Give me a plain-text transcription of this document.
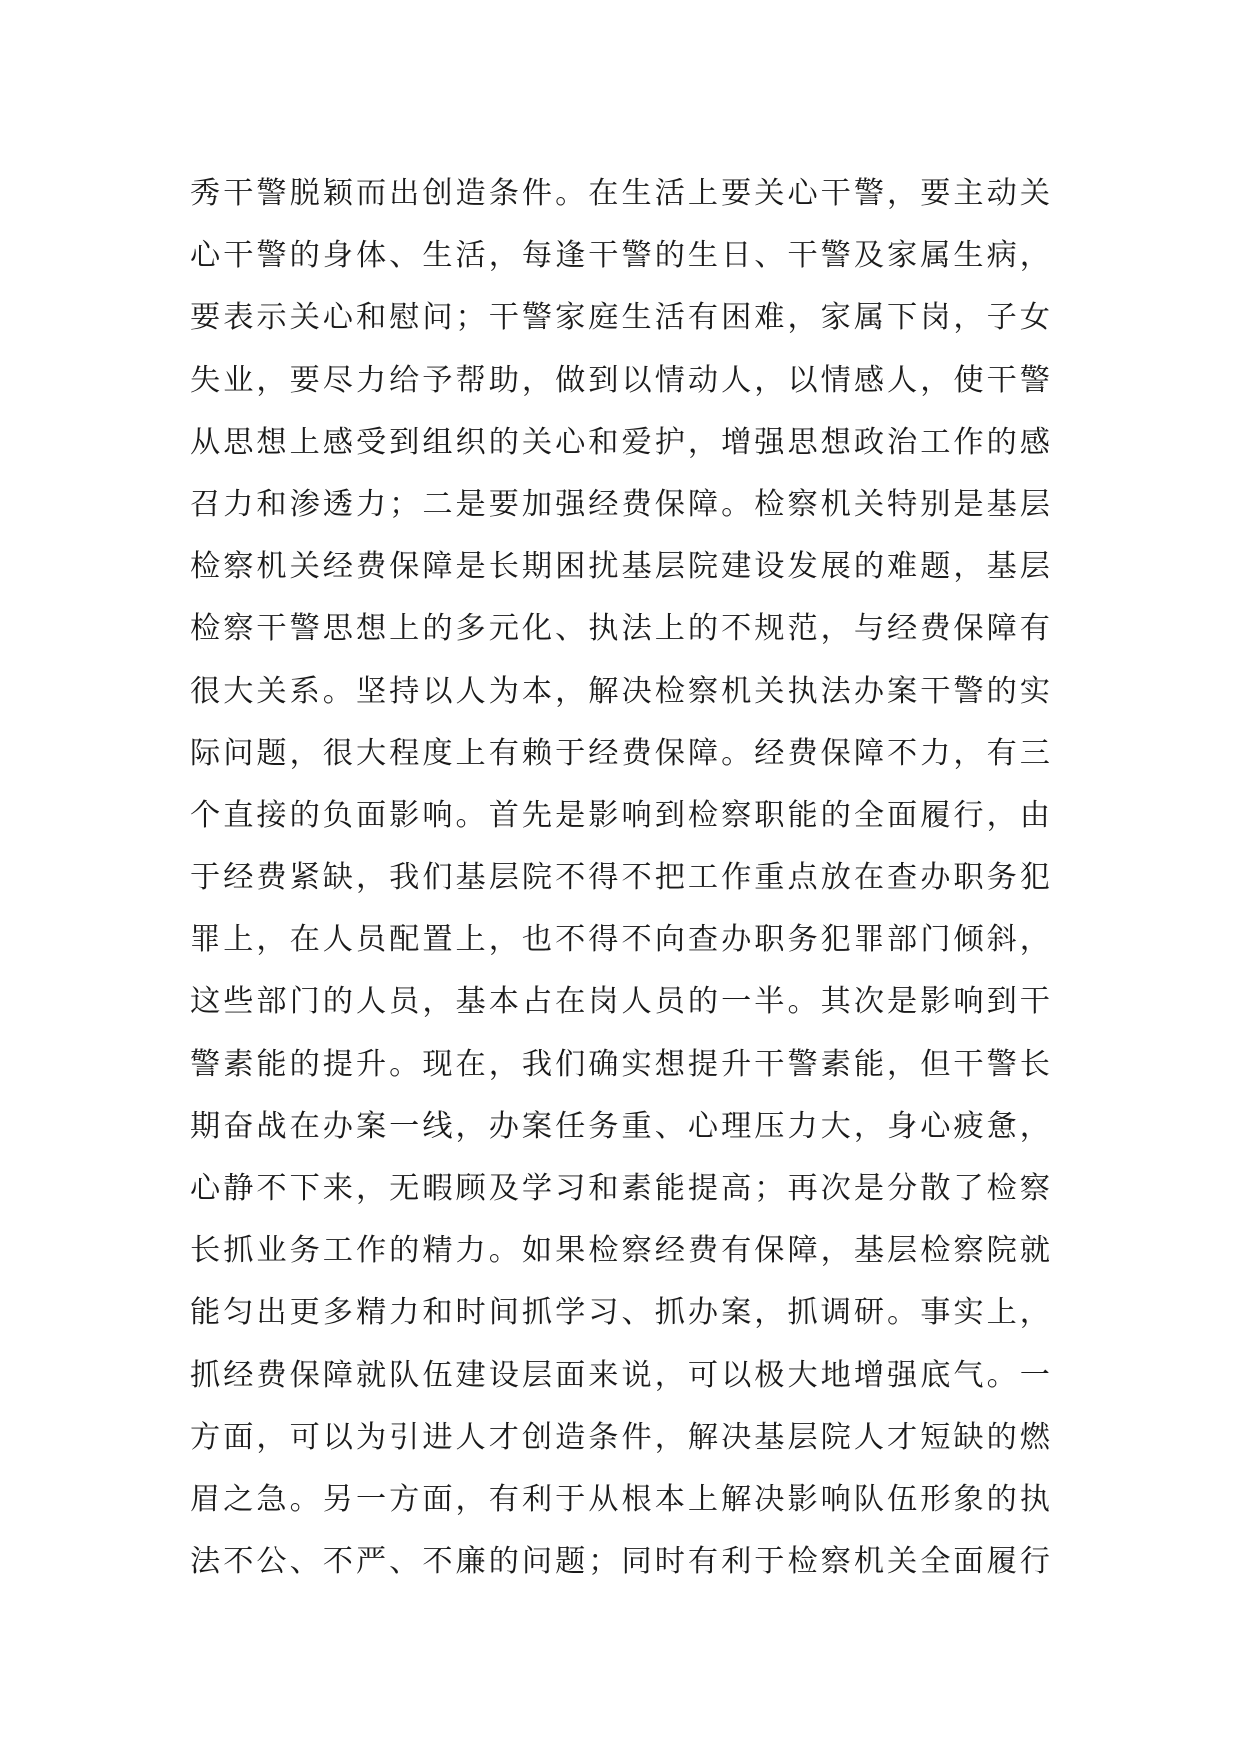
秀干警脱颖而出创造条件。在生活上要关心干警，要主动关
心干警的身体、生活，每逢干警的生日、干警及家属生病，
要表示关心和慰问；干警家庭生活有困难，家属下岗，子女
失业，要尽力给予帮助，做到以情动人，以情感人，使干警
从思想上感受到组织的关心和爱护，增强思想政治工作的感
召力和渗透力；二是要加强经费保障。检察机关特别是基层
检察机关经费保障是长期困扰基层院建设发展的难题，基层
检察干警思想上的多元化、执法上的不规范，与经费保障有
很大关系。坚持以人为本，解决检察机关执法办案干警的实
际问题，很大程度上有赖于经费保障。经费保障不力，有三
个直接的负面影响。首先是影响到检察职能的全面履行，由
于经费紧缺，我们基层院不得不把工作重点放在查办职务犯
罪上，在人员配置上，也不得不向查办职务犯罪部门倾斜，
这些部门的人员，基本占在岗人员的一半。其次是影响到干
警素能的提升。现在，我们确实想提升干警素能，但干警长
期奋战在办案一线，办案任务重、心理压力大，身心疲惫，
心静不下来，无暇顾及学习和素能提高；再次是分散了检察
长抓业务工作的精力。如果检察经费有保障，基层检察院就
能匀出更多精力和时间抓学习、抓办案，抓调研。事实上，
抓经费保障就队伍建设层面来说，可以极大地增强底气。一
方面，可以为引进人才创造条件，解决基层院人才短缺的燃
眉之急。另一方面，有利于从根本上解决影响队伍形象的执
法不公、不严、不廉的问题；同时有利于检察机关全面履行
